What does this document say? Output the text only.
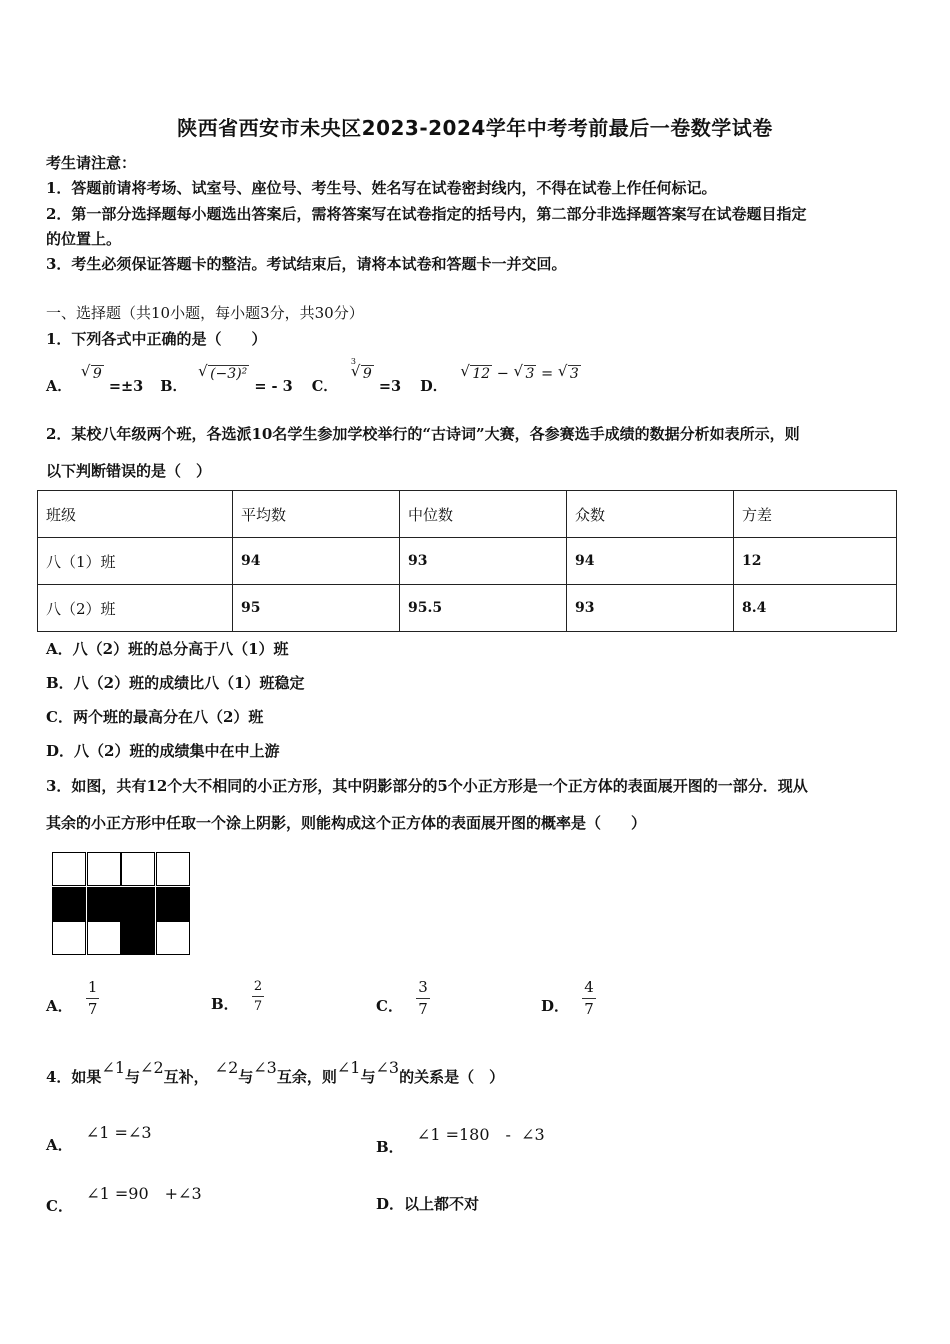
陕西省西安市未央区2023-2024学年中考考前最后一卷数学试卷
考生请注意：
1．答题前请将考场、试室号、座位号、考生号、姓名写在试卷密封线内，不得在试卷上作任何标记。
2．第一部分选择题每小题选出答案后，需将答案写在试卷指定的括号内，第二部分非选择题答案写在试卷题目指定
的位置上。
3．考生必须保证答题卡的整洁。考试结束后，请将本试卷和答题卡一并交回。
一、选择题（共10小题，每小题3分，共30分）
1．下列各式中正确的是（　　）
A． √ 9 =±3 B． √ (−3)² = - 3 C．
√ 3
9 =3 D． √ 12 − √ 3 = √ 3
2．某校八年级两个班，各选派10名学生参加学校举行的“古诗词”大赛，各参赛选手成绩的数据分析如表所示，则
以下判断错误的是（　）
班级	平均数	中位数	众数	方差
八（1）班	94	93	94	12
八（2）班	95	95.5	93	8.4
A．八（2）班的总分高于八（1）班
B．八（2）班的成绩比八（1）班稳定
C．两个班的最高分在八（2）班
D．八（2）班的成绩集中在中上游
3．如图，共有12个大不相同的小正方形，其中阴影部分的5个小正方形是一个正方体的表面展开图的一部分．现从
其余的小正方形中任取一个涂上阴影，则能构成这个正方体的表面展开图的概率是（　　）
A． $\frac{1}{7}$	B． $\frac{2}{7}$	C． $\frac{3}{7}$	D． $\frac{4}{7}$
4．如果∠1与∠2互补， ∠2与∠3互余，则∠1与∠3的关系是（　）
A． ∠1 =∠3
B． ∠1 =180　-  ∠3
C． ∠1 =90　+∠3
D．以上都不对
